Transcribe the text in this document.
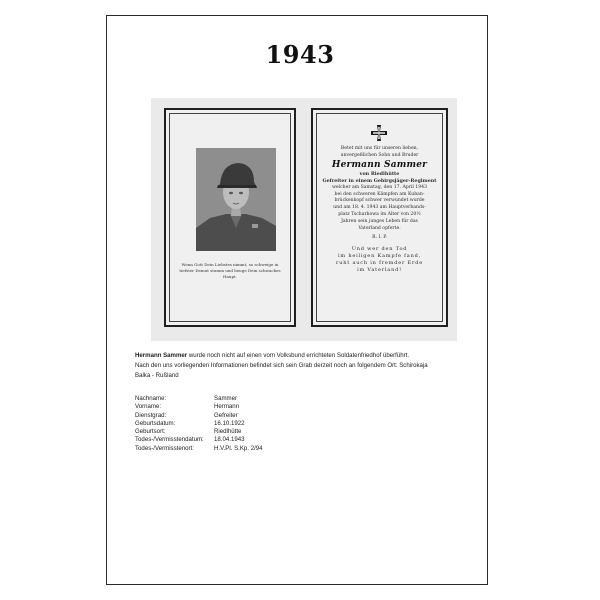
1943
Wenn Gott Dein Liebstes nimmt, so schweige in tiefster Demut stumm und beuge Dein schwaches Haupt.
Betet mit uns für unseren lieben,
unvergeßlichen Sohn und Bruder
Hermann Sammer
von Riedlhütte
Gefreiter in einem Gebirgsjäger-Regiment
welcher am Samstag, den 17. April 1943
bei den schweren Kämpfen am Kuban-
brückenkopf schwer verwundet wurde
und am 18. 4. 1943 am Hauptverbands-
platz Tscharkowa im Alter von 20½
Jahren sein junges Leben für das
Vaterland opferte.
R. I. P.
Und wer den Tod
im heiligen Kampfe fand,
ruht auch in fremder Erde
im Vaterland!
Hermann Sammer wurde noch nicht auf einen vom Volksbund errichteten Soldatenfriedhof überführt.
Nach den uns vorliegenden Informationen befindet sich sein Grab derzeit noch an folgendem Ort: Schirokaja
Balka - Rußland
Nachname:	Sammer
Vorname:	Hermann
Dienstgrad:	Gefreiter
Geburtsdatum:	16.10.1922
Geburtsort:	Riedlhütte
Todes-/Vermisstendatum:	18.04.1943
Todes-/Vermisstenort:	H.V.Pl. S.Kp. 2/94
